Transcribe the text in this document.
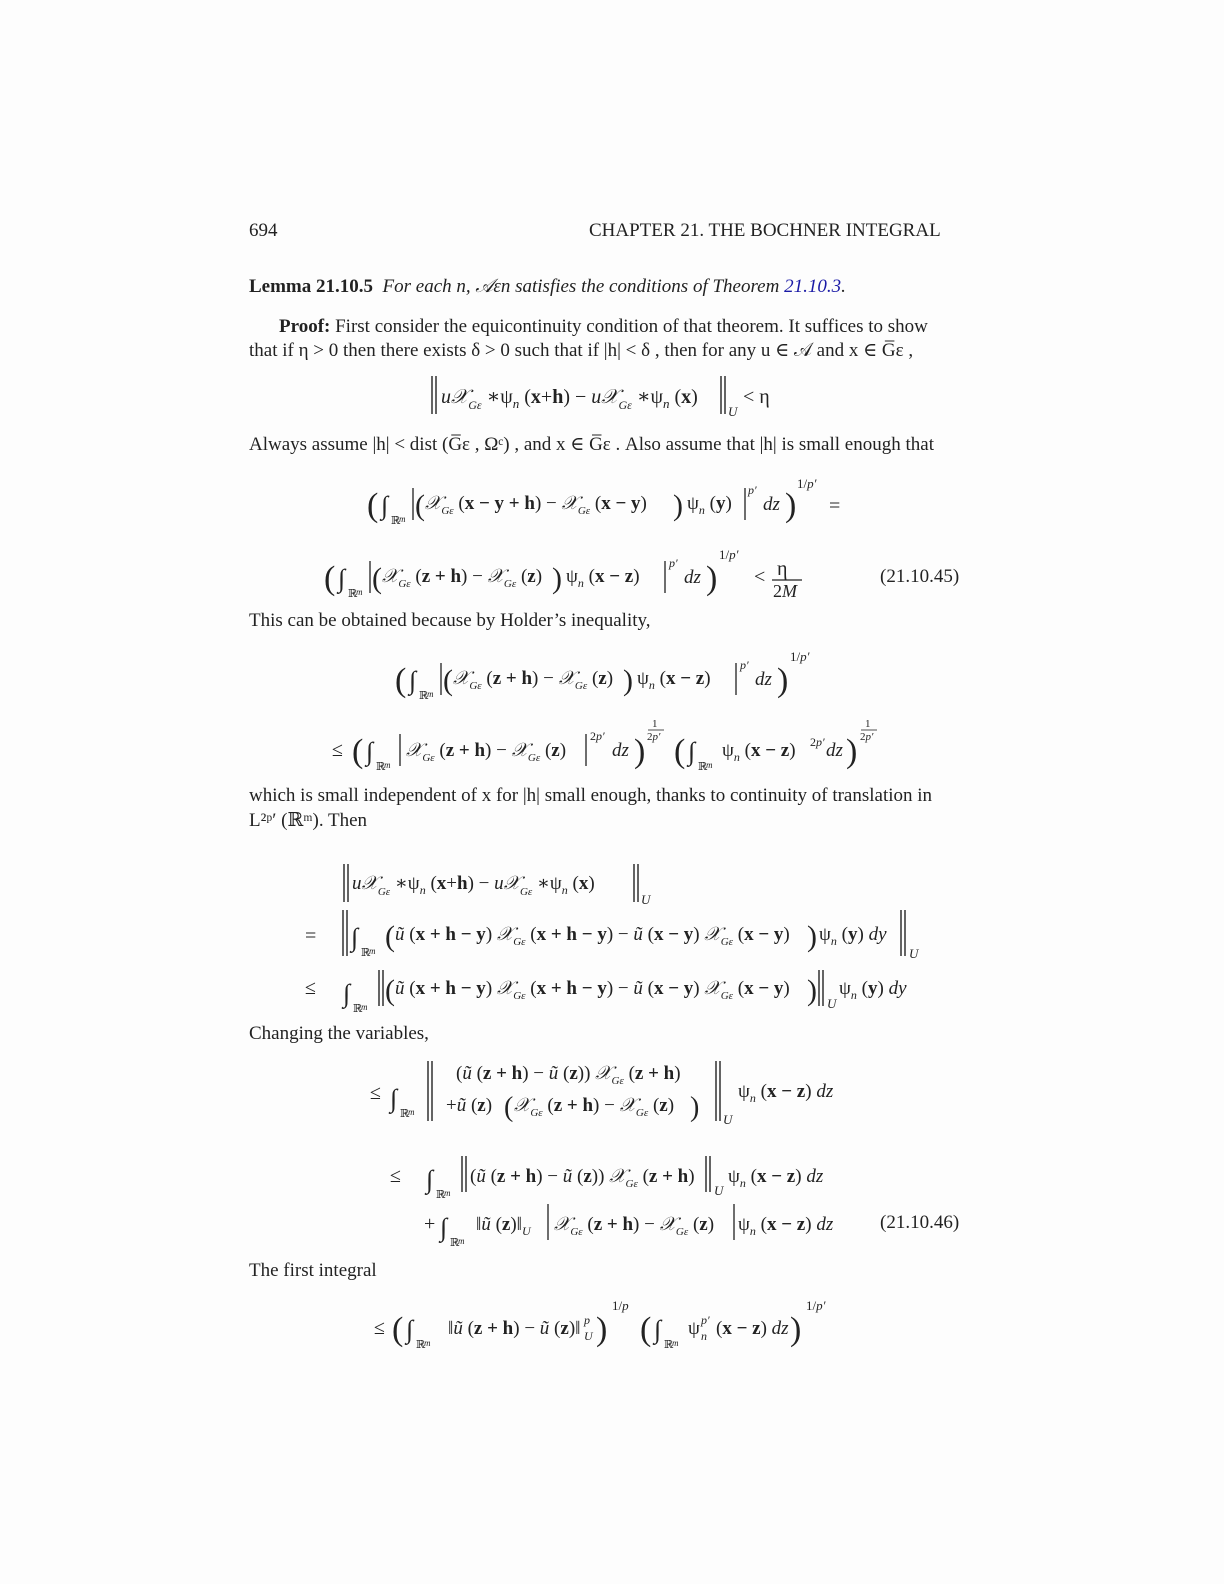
694	CHAPTER 21. THE BOCHNER INTEGRAL
Lemma 21.10.5 For each n, 𝒜εn satisfies the conditions of Theorem 21.10.3.
Proof: First consider the equicontinuity condition of that theorem. It suffices to show
that if η > 0 then there exists δ > 0 such that if |h| < δ , then for any u ∈ 𝒜 and x ∈ G̅ε ,
u𝒳$_{G\varepsilon}$ $∗\psi_n$ (x+h) − u𝒳$_{G\varepsilon}$ $∗\psi_n$ (x)
U
< η
Always assume |h| < dist (G̅ε , Ωᶜ) , and x ∈ G̅ε . Also assume that |h| is small enough that
( ∫
ℝ
m ( 𝒳$_{G\varepsilon}$ (x − y + h) − 𝒳$_{G\varepsilon}$ (x − y) ) $\psi_n$ (y)
p′
dz )
1/p′
=
( ∫
ℝ
m ( 𝒳$_{G\varepsilon}$ (z + h) − 𝒳$_{G\varepsilon}$ (z) ) $\psi_n$ (x − z)
p′
dz )
1/p′
< η
2M
(21.10.45)
This can be obtained because by Holder’s inequality,
( ∫
ℝ
m ( 𝒳$_{G\varepsilon}$ (z + h) − 𝒳$_{G\varepsilon}$ (z) ) $\psi_n$ (x − z)
p′
dz )
1/p′
≤ ( ∫
ℝ
m
𝒳$_{G\varepsilon}$ (z + h) − 𝒳$_{G\varepsilon}$ (z)
2p′
dz )
1
2p′ ( ∫
ℝ
m
$\psi_n$ (x − z) 2p′ dz )
1
2p′
which is small independent of x for |h| small enough, thanks to continuity of translation in
L²ᵖ′ (ℝᵐ). Then
u𝒳$_{G\varepsilon}$ $∗\psi_n$ (x+h) − u𝒳$_{G\varepsilon}$ $∗\psi_n$ (x)
U
= ∫
ℝ
m ( ũ (x + h − y) 𝒳$_{G\varepsilon}$ (x + h − y) − ũ (x − y) 𝒳$_{G\varepsilon}$ (x − y) ) $\psi_n$ (y) dy
U
≤ ∫
ℝ
m ( ũ (x + h − y) 𝒳$_{G\varepsilon}$ (x + h − y) − ũ (x − y) 𝒳$_{G\varepsilon}$ (x − y) ) U
$\psi_n$ (y) dy
Changing the variables,
≤ ∫
ℝ
m
(ũ (z + h) − ũ (z)) 𝒳$_{G\varepsilon}$ (z + h)
+ũ (z) ( 𝒳$_{G\varepsilon}$ (z + h) − 𝒳$_{G\varepsilon}$ (z) ) U
$\psi_n$ (x − z) dz
≤ ∫
ℝ
m
(ũ (z + h) − ũ (z)) 𝒳$_{G\varepsilon}$ (z + h)
U
$\psi_n$ (x − z) dz
+ ∫
ℝ
m
‖ũ $(z)‖_U$ 𝒳$_{G\varepsilon}$ (z + h) − 𝒳$_{G\varepsilon}$ (z) $\psi_n$ (x − z) dz (21.10.46)
The first integral
≤ ( ∫
ℝ
m
‖ũ (z + h) − ũ (z)‖ p
U )
1/p
( ∫
ℝ
m
ψ p′
n (x − z) dz )
1/p′
